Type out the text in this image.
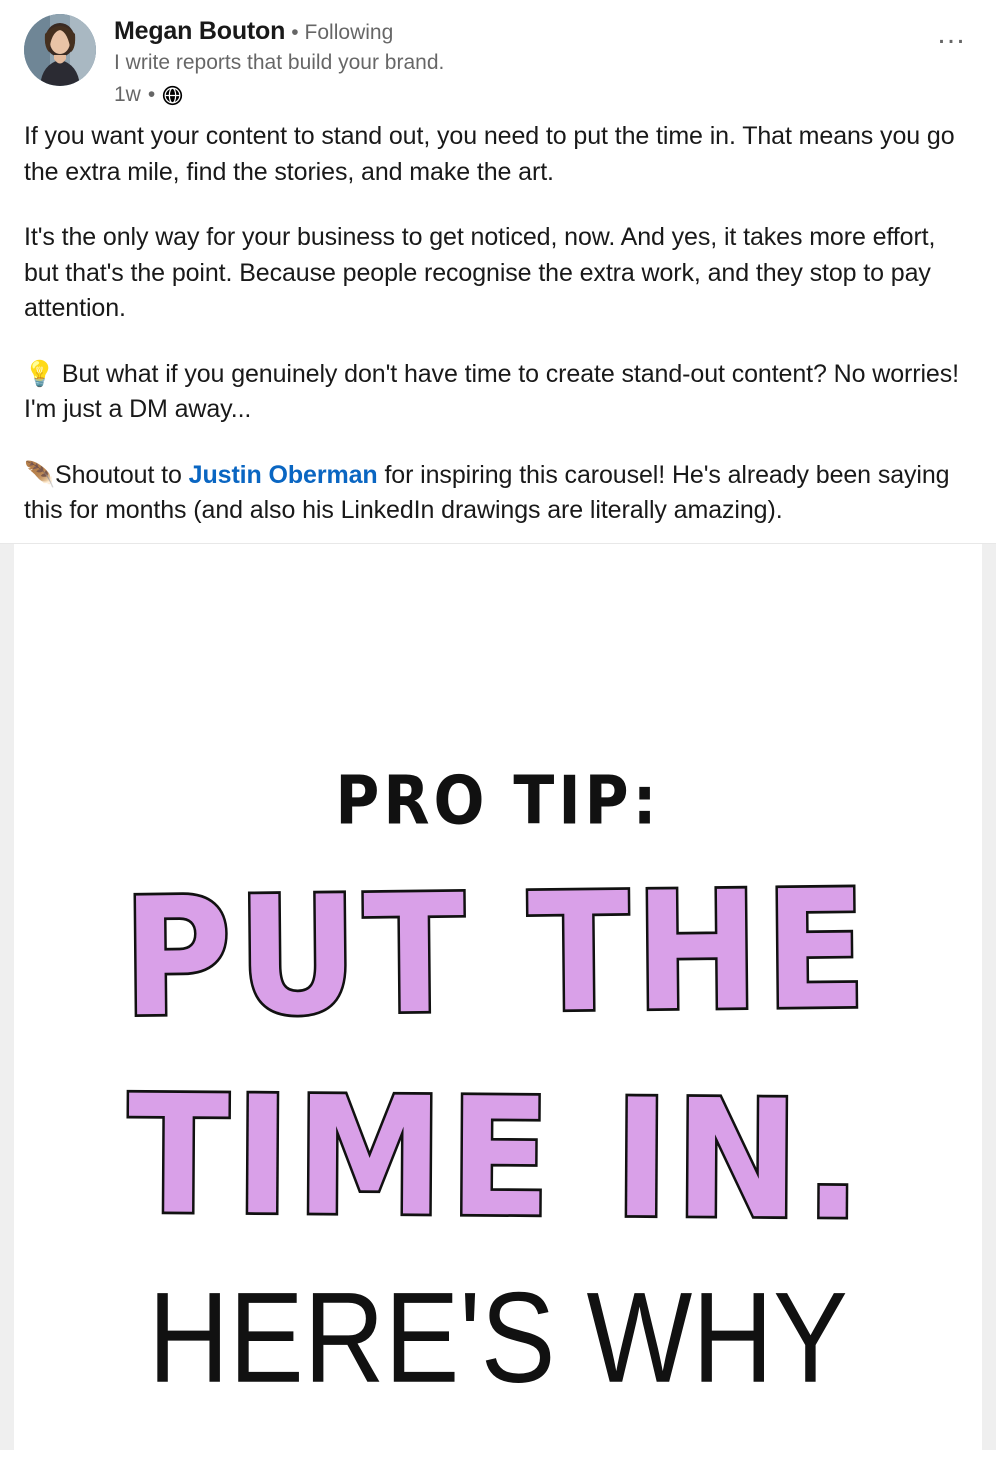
Megan Bouton • Following
I write reports that build your brand.
1w •
…

If you want your content to stand out, you need to put the time in. That means you go the extra mile, find the stories, and make the art.

It's the only way for your business to get noticed, now. And yes, it takes more effort, but that's the point. Because people recognise the extra work, and they stop to pay attention.

💡 But what if you genuinely don't have time to create stand-out content? No worries! I'm just a DM away...

🪶Shoutout to Justin Oberman for inspiring this carousel! He's already been saying this for months (and also his LinkedIn drawings are literally amazing).

PRO TIP:
PUT THE
TIME IN.
HERE'S WHY
